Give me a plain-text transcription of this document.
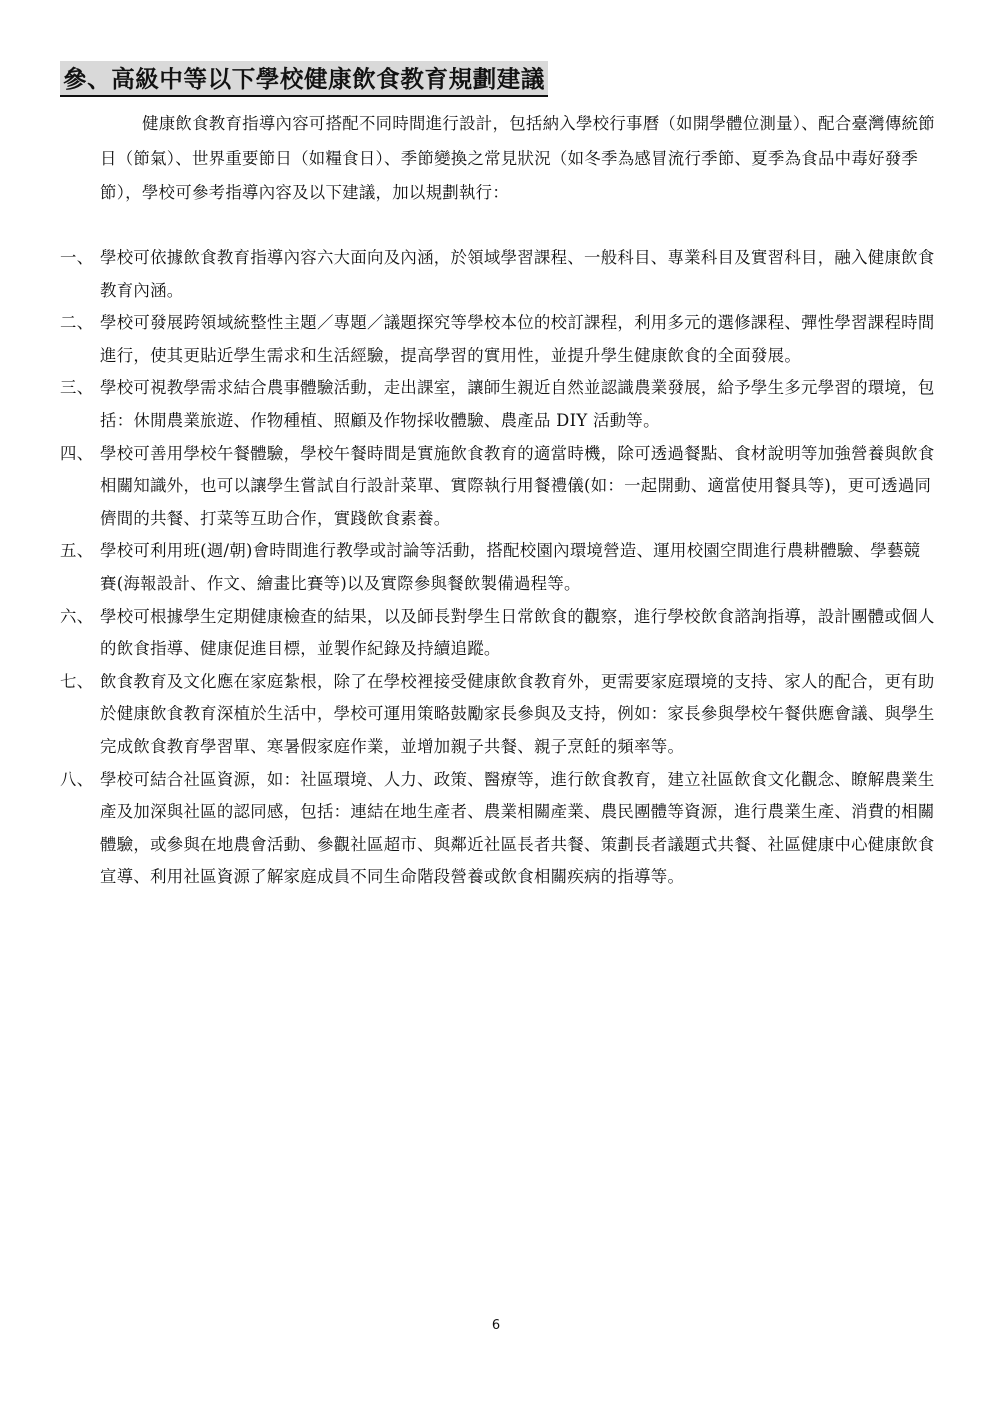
參、高級中等以下學校健康飲食教育規劃建議

健康飲食教育指導內容可搭配不同時間進行設計，包括納入學校行事曆（如開學體位測量）、配合臺灣傳統節日（節氣）、世界重要節日（如糧食日）、季節變換之常見狀況（如冬季為感冒流行季節、夏季為食品中毒好發季節），學校可參考指導內容及以下建議，加以規劃執行：

一、 學校可依據飲食教育指導內容六大面向及內涵，於領域學習課程、一般科目、專業科目及實習科目，融入健康飲食教育內涵。
二、 學校可發展跨領域統整性主題／專題／議題探究等學校本位的校訂課程，利用多元的選修課程、彈性學習課程時間進行，使其更貼近學生需求和生活經驗，提高學習的實用性，並提升學生健康飲食的全面發展。
三、 學校可視教學需求結合農事體驗活動，走出課室，讓師生親近自然並認識農業發展，給予學生多元學習的環境，包括：休閒農業旅遊、作物種植、照顧及作物採收體驗、農產品 DIY 活動等。
四、 學校可善用學校午餐體驗，學校午餐時間是實施飲食教育的適當時機，除可透過餐點、食材說明等加強營養與飲食相關知識外，也可以讓學生嘗試自行設計菜單、實際執行用餐禮儀(如：一起開動、適當使用餐具等)，更可透過同儕間的共餐、打菜等互助合作，實踐飲食素養。
五、 學校可利用班(週/朝)會時間進行教學或討論等活動，搭配校園內環境營造、運用校園空間進行農耕體驗、學藝競賽(海報設計、作文、繪畫比賽等)以及實際參與餐飲製備過程等。
六、 學校可根據學生定期健康檢查的結果，以及師長對學生日常飲食的觀察，進行學校飲食諮詢指導，設計團體或個人的飲食指導、健康促進目標，並製作紀錄及持續追蹤。
七、 飲食教育及文化應在家庭紮根，除了在學校裡接受健康飲食教育外，更需要家庭環境的支持、家人的配合，更有助於健康飲食教育深植於生活中，學校可運用策略鼓勵家長參與及支持，例如：家長參與學校午餐供應會議、與學生完成飲食教育學習單、寒暑假家庭作業，並增加親子共餐、親子烹飪的頻率等。
八、 學校可結合社區資源，如：社區環境、人力、政策、醫療等，進行飲食教育，建立社區飲食文化觀念、瞭解農業生產及加深與社區的認同感，包括：連結在地生產者、農業相關產業、農民團體等資源，進行農業生產、消費的相關體驗，或參與在地農會活動、參觀社區超市、與鄰近社區長者共餐、策劃長者議題式共餐、社區健康中心健康飲食宣導、利用社區資源了解家庭成員不同生命階段營養或飲食相關疾病的指導等。

6
